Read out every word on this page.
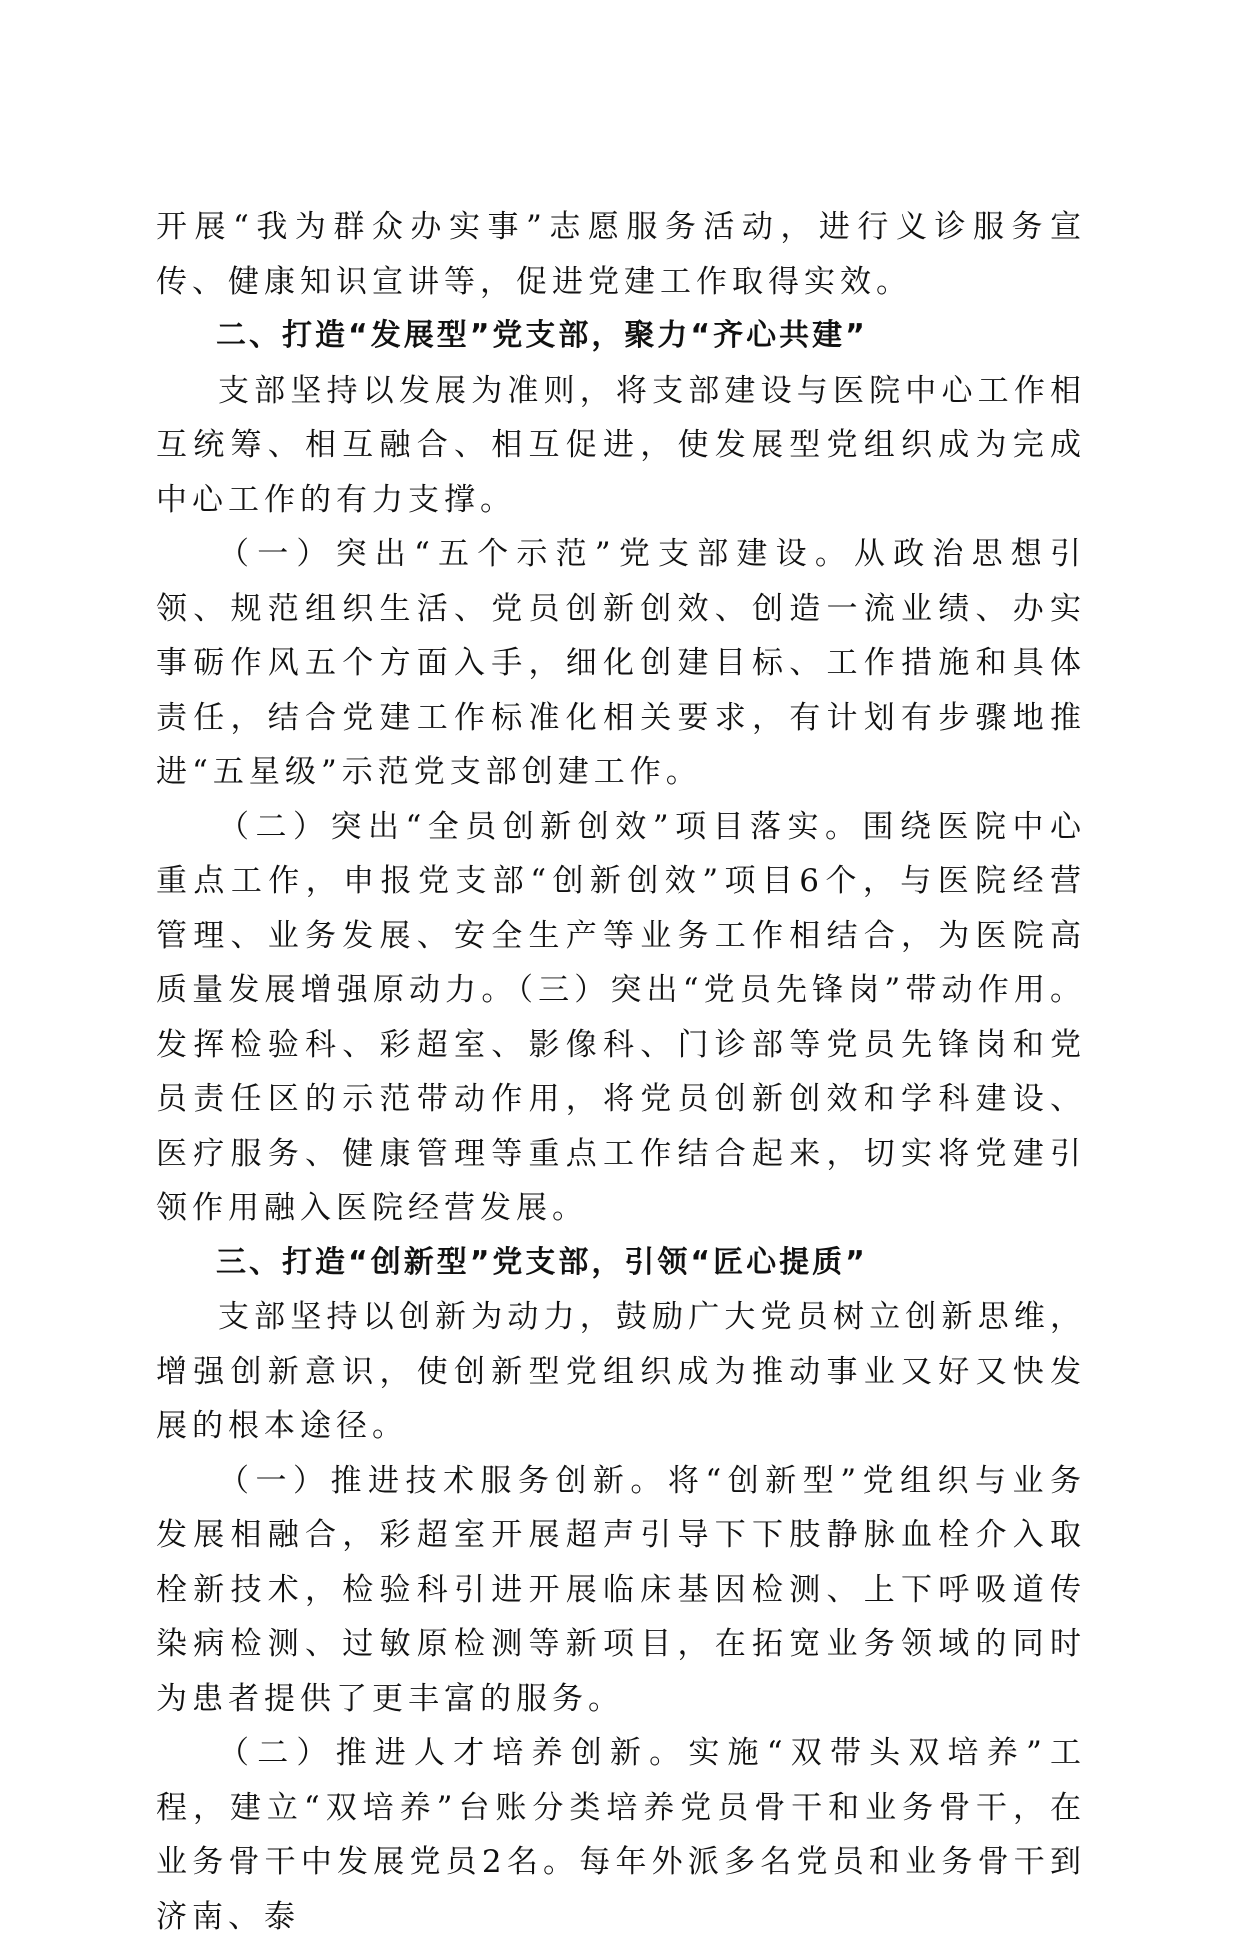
开展“我为群众办实事”志愿服务活动，进行义诊服务宣传、健康知识宣讲等，促进党建工作取得实效。

二、打造“发展型”党支部，聚力“齐心共建”

支部坚持以发展为准则，将支部建设与医院中心工作相互统筹、相互融合、相互促进，使发展型党组织成为完成中心工作的有力支撑。

（一）突出“五个示范”党支部建设。从政治思想引领、规范组织生活、党员创新创效、创造一流业绩、办实事砺作风五个方面入手，细化创建目标、工作措施和具体责任，结合党建工作标准化相关要求，有计划有步骤地推进“五星级”示范党支部创建工作。

（二）突出“全员创新创效”项目落实。围绕医院中心重点工作，申报党支部“创新创效”项目6个，与医院经营管理、业务发展、安全生产等业务工作相结合，为医院高质量发展增强原动力。（三）突出“党员先锋岗”带动作用。发挥检验科、彩超室、影像科、门诊部等党员先锋岗和党员责任区的示范带动作用，将党员创新创效和学科建设、医疗服务、健康管理等重点工作结合起来，切实将党建引领作用融入医院经营发展。

三、打造“创新型”党支部，引领“匠心提质”

支部坚持以创新为动力，鼓励广大党员树立创新思维，增强创新意识，使创新型党组织成为推动事业又好又快发展的根本途径。

（一）推进技术服务创新。将“创新型”党组织与业务发展相融合，彩超室开展超声引导下下肢静脉血栓介入取栓新技术，检验科引进开展临床基因检测、上下呼吸道传染病检测、过敏原检测等新项目，在拓宽业务领域的同时为患者提供了更丰富的服务。

（二）推进人才培养创新。实施“双带头双培养”工程，建立“双培养”台账分类培养党员骨干和业务骨干，在业务骨干中发展党员2名。每年外派多名党员和业务骨干到济南、泰
